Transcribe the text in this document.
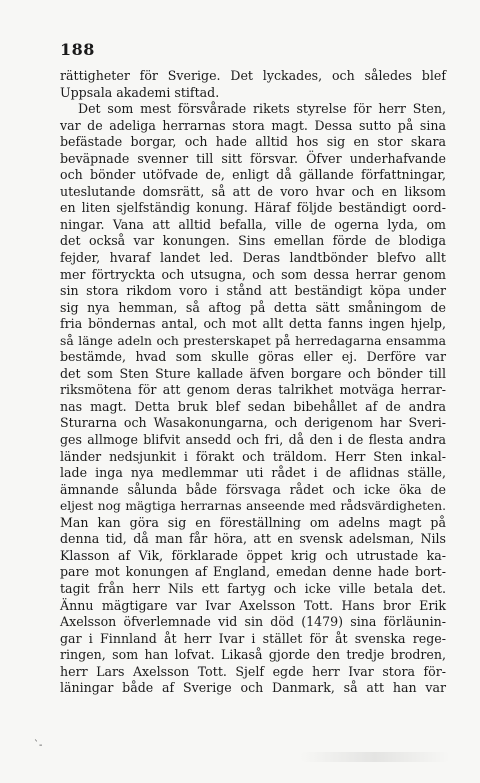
188
rättigheter för Sverige. Det lyckades, och således blef
Uppsala akademi stiftad.
Det som mest försvårade rikets styrelse för herr Sten,
var de adeliga herrarnas stora magt. Dessa sutto på sina
befästade borgar, och hade alltid hos sig en stor skara
beväpnade svenner till sitt försvar. Öfver underhafvande
och bönder utöfvade de, enligt då gällande författningar,
uteslutande domsrätt, så att de voro hvar och en liksom
en liten sjelfständig konung. Häraf följde beständigt oord-
ningar. Vana att alltid befalla, ville de ogerna lyda, om
det också var konungen. Sins emellan förde de blodiga
fejder, hvaraf landet led. Deras landtbönder blefvo allt
mer förtryckta och utsugna, och som dessa herrar genom
sin stora rikdom voro i stånd att beständigt köpa under
sig nya hemman, så aftog på detta sätt småningom de
fria böndernas antal, och mot allt detta fanns ingen hjelp,
så länge adeln och presterskapet på herredagarna ensamma
bestämde, hvad som skulle göras eller ej. Derföre var
det som Sten Sture kallade äfven borgare och bönder till
riksmötena för att genom deras talrikhet motväga herrar-
nas magt. Detta bruk blef sedan bibehållet af de andra
Sturarna och Wasakonungarna, och derigenom har Sveri-
ges allmoge blifvit ansedd och fri, då den i de flesta andra
länder nedsjunkit i förakt och träldom. Herr Sten inkal-
lade inga nya medlemmar uti rådet i de aflidnas ställe,
ämnande sålunda både försvaga rådet och icke öka de
eljest nog mägtiga herrarnas anseende med rådsvärdigheten.
Man kan göra sig en föreställning om adelns magt på
denna tid, då man får höra, att en svensk adelsman, Nils
Klasson af Vik, förklarade öppet krig och utrustade ka-
pare mot konungen af England, emedan denne hade bort-
tagit från herr Nils ett fartyg och icke ville betala det.
Ännu mägtigare var Ivar Axelsson Tott. Hans bror Erik
Axelsson öfverlemnade vid sin död (1479) sina förläunin-
gar i Finnland åt herr Ivar i stället för åt svenska rege-
ringen, som han lofvat. Likaså gjorde den tredje brodren,
herr Lars Axelsson Tott. Sjelf egde herr Ivar stora för-
läningar både af Sverige och Danmark, så att han var
`-
